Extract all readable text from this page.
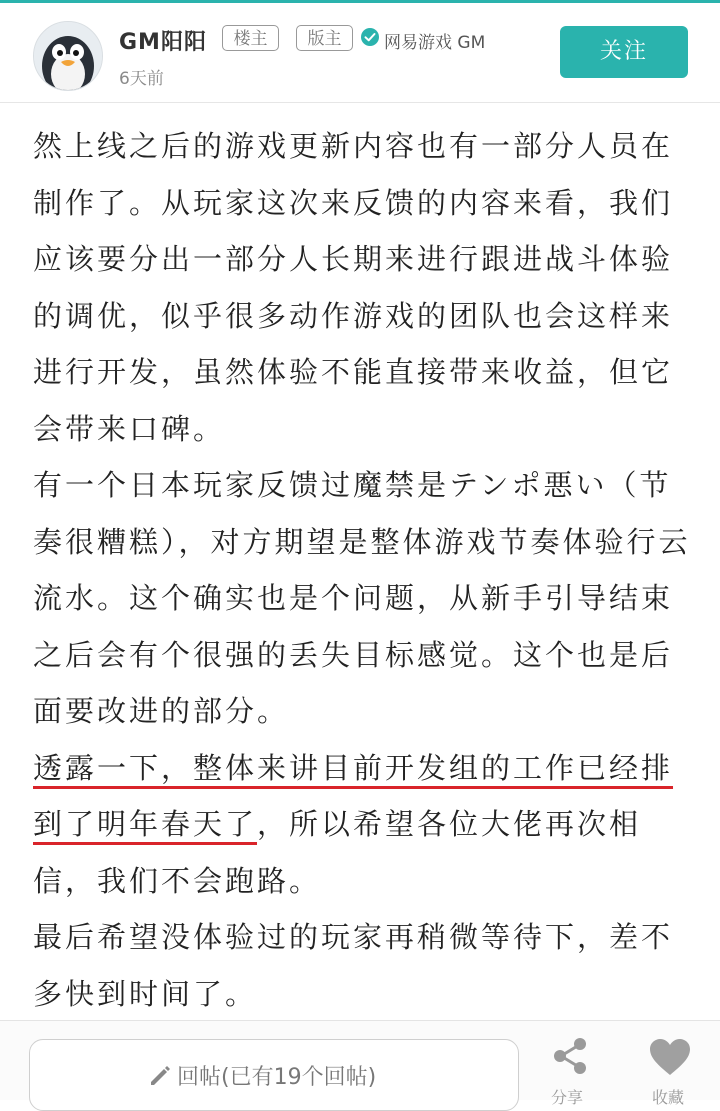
GM阳阳	楼主	版主	网易游戏 GM
6天前
关注

然上线之后的游戏更新内容也有一部分人员在制作了。从玩家这次来反馈的内容来看，我们应该要分出一部分人长期来进行跟进战斗体验的调优，似乎很多动作游戏的团队也会这样来进行开发，虽然体验不能直接带来收益，但它会带来口碑。

有一个日本玩家反馈过魔禁是テンポ悪い（节奏很糟糕），对方期望是整体游戏节奏体验行云流水。这个确实也是个问题，从新手引导结束之后会有个很强的丢失目标感觉。这个也是后面要改进的部分。

透露一下，整体来讲目前开发组的工作已经排到了明年春天了，所以希望各位大佬再次相信，我们不会跑路。

最后希望没体验过的玩家再稍微等待下，差不多快到时间了。

回帖(已有19个回帖)
分享	收藏
